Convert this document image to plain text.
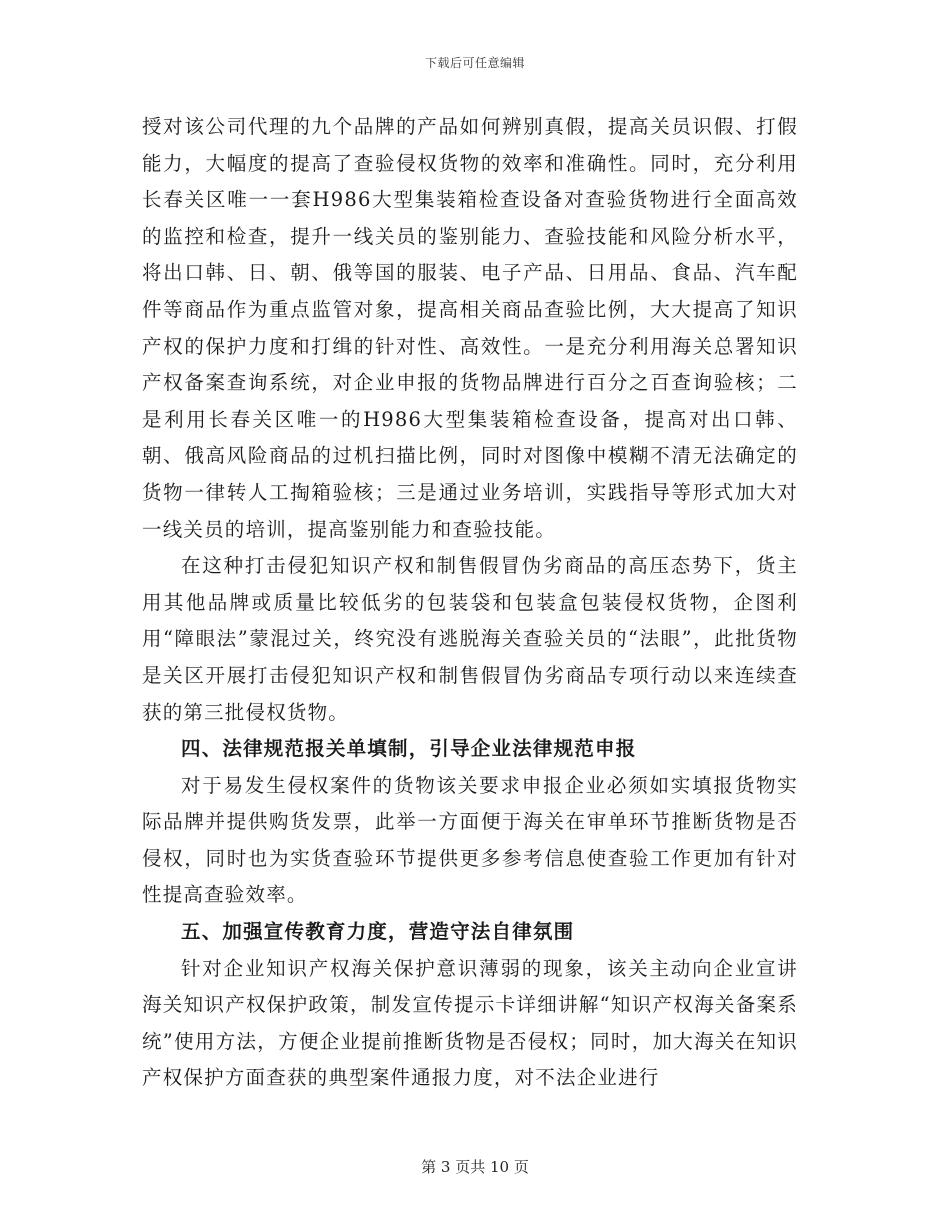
下载后可任意编辑

授对该公司代理的九个品牌的产品如何辨别真假，提高关员识假、打假能力，大幅度的提高了查验侵权货物的效率和准确性。同时，充分利用长春关区唯一一套H986大型集装箱检查设备对查验货物进行全面高效的监控和检查，提升一线关员的鉴别能力、查验技能和风险分析水平，将出口韩、日、朝、俄等国的服装、电子产品、日用品、食品、汽车配件等商品作为重点监管对象，提高相关商品查验比例，大大提高了知识产权的保护力度和打缉的针对性、高效性。一是充分利用海关总署知识产权备案查询系统，对企业申报的货物品牌进行百分之百查询验核；二是利用长春关区唯一的H986大型集装箱检查设备，提高对出口韩、朝、俄高风险商品的过机扫描比例，同时对图像中模糊不清无法确定的货物一律转人工掏箱验核；三是通过业务培训，实践指导等形式加大对一线关员的培训，提高鉴别能力和查验技能。

在这种打击侵犯知识产权和制售假冒伪劣商品的高压态势下，货主用其他品牌或质量比较低劣的包装袋和包装盒包装侵权货物，企图利用“障眼法”蒙混过关，终究没有逃脱海关查验关员的“法眼”，此批货物是关区开展打击侵犯知识产权和制售假冒伪劣商品专项行动以来连续查获的第三批侵权货物。

四、法律规范报关单填制，引导企业法律规范申报

对于易发生侵权案件的货物该关要求申报企业必须如实填报货物实际品牌并提供购货发票，此举一方面便于海关在审单环节推断货物是否侵权，同时也为实货查验环节提供更多参考信息使查验工作更加有针对性提高查验效率。

五、加强宣传教育力度，营造守法自律氛围

针对企业知识产权海关保护意识薄弱的现象，该关主动向企业宣讲海关知识产权保护政策，制发宣传提示卡详细讲解“知识产权海关备案系统”使用方法，方便企业提前推断货物是否侵权；同时，加大海关在知识产权保护方面查获的典型案件通报力度，对不法企业进行

第 3 页共 10 页
